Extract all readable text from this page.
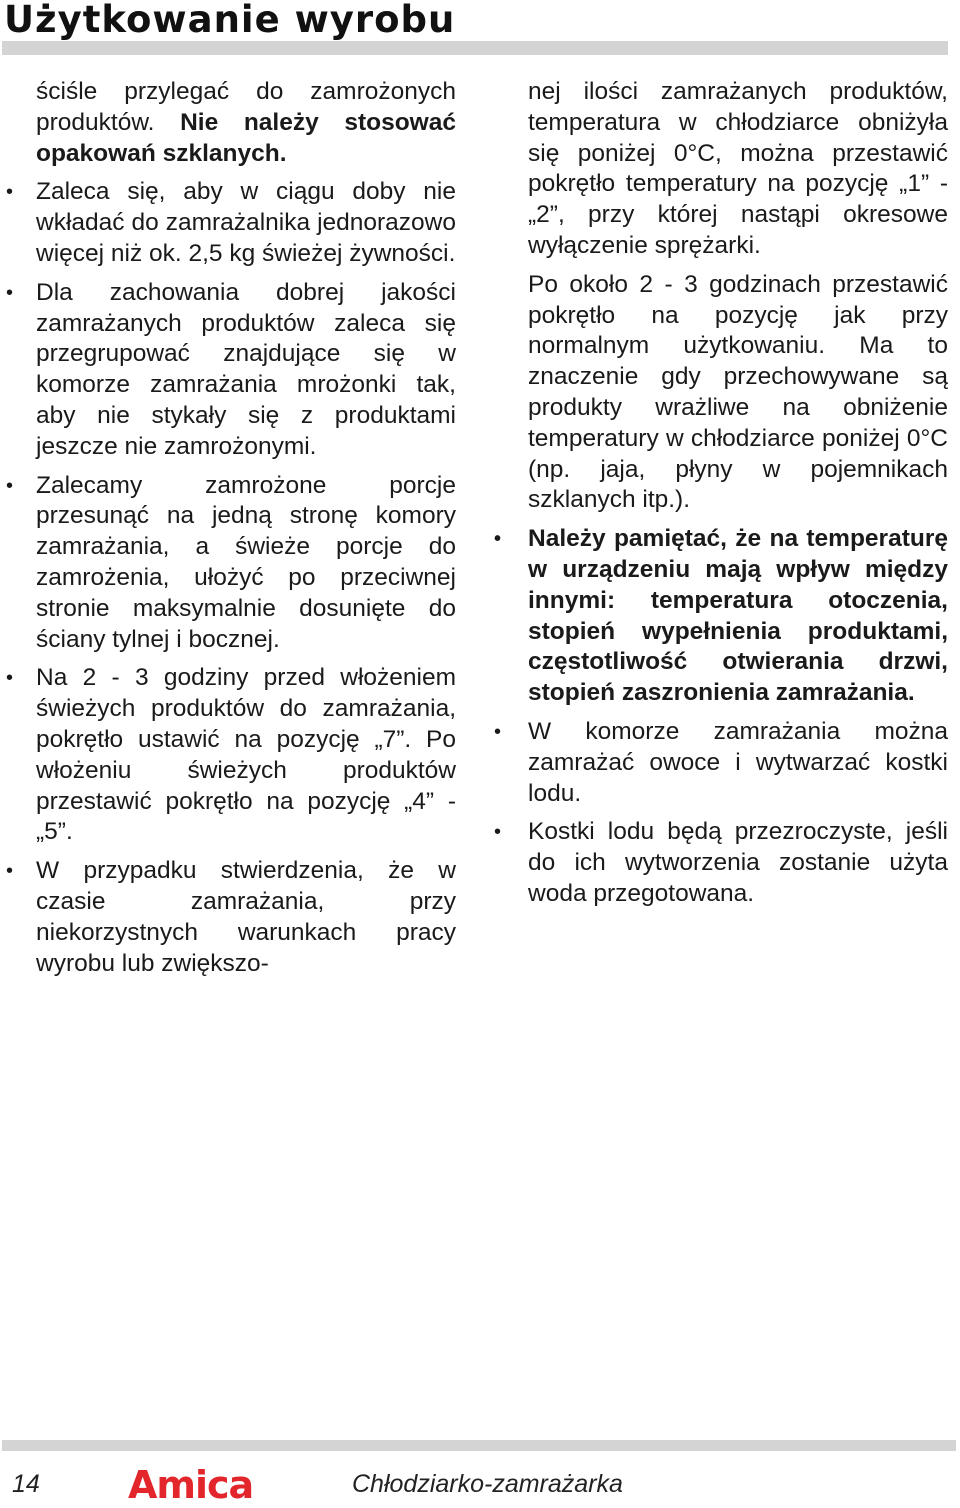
Użytkowanie wyrobu

ściśle przylegać do zamrożonych produktów. Nie należy stosować opakowań szklanych.

• Zaleca się, aby w ciągu doby nie wkładać do zamrażalnika jednorazowo więcej niż ok. 2,5 kg świeżej żywności.

• Dla zachowania dobrej jakości zamrażanych produktów zaleca się przegrupować znajdujące się w komorze zamrażania mrożonki tak, aby nie stykały się z produktami jeszcze nie zamrożonymi.

• Zalecamy zamrożone porcje przesunąć na jedną stronę komory zamrażania, a świeże porcje do zamrożenia, ułożyć po przeciwnej stronie maksymalnie dosunięte do ściany tylnej i bocznej.

• Na 2 - 3 godziny przed włożeniem świeżych produktów do zamrażania, pokrętło ustawić na pozycję „7”. Po włożeniu świeżych produktów przestawić pokrętło na pozycję „4” - „5”.

• W przypadku stwierdzenia, że w czasie zamrażania, przy niekorzystnych warunkach pracy wyrobu lub zwiększo-

nej ilości zamrażanych produktów, temperatura w chłodziarce obniżyła się poniżej 0°C, można przestawić pokrętło temperatury na pozycję „1” - „2”, przy której nastąpi okresowe wyłączenie sprężarki.

Po około 2 - 3 godzinach przestawić pokrętło na pozycję jak przy normalnym użytkowaniu. Ma to znaczenie gdy przechowywane są produkty wrażliwe na obniżenie temperatury w chłodziarce poniżej 0°C (np. jaja, płyny w pojemnikach szklanych itp.).

• Należy pamiętać, że na temperaturę w urządzeniu mają wpływ między innymi: temperatura otoczenia, stopień wypełnienia produktami, częstotliwość otwierania drzwi, stopień zaszronienia zamrażania.

• W komorze zamrażania można zamrażać owoce i wytwarzać kostki lodu.

• Kostki lodu będą przezroczyste, jeśli do ich wytworzenia zostanie użyta woda przegotowana.

14 Amica	Chłodziarko-zamrażarka
